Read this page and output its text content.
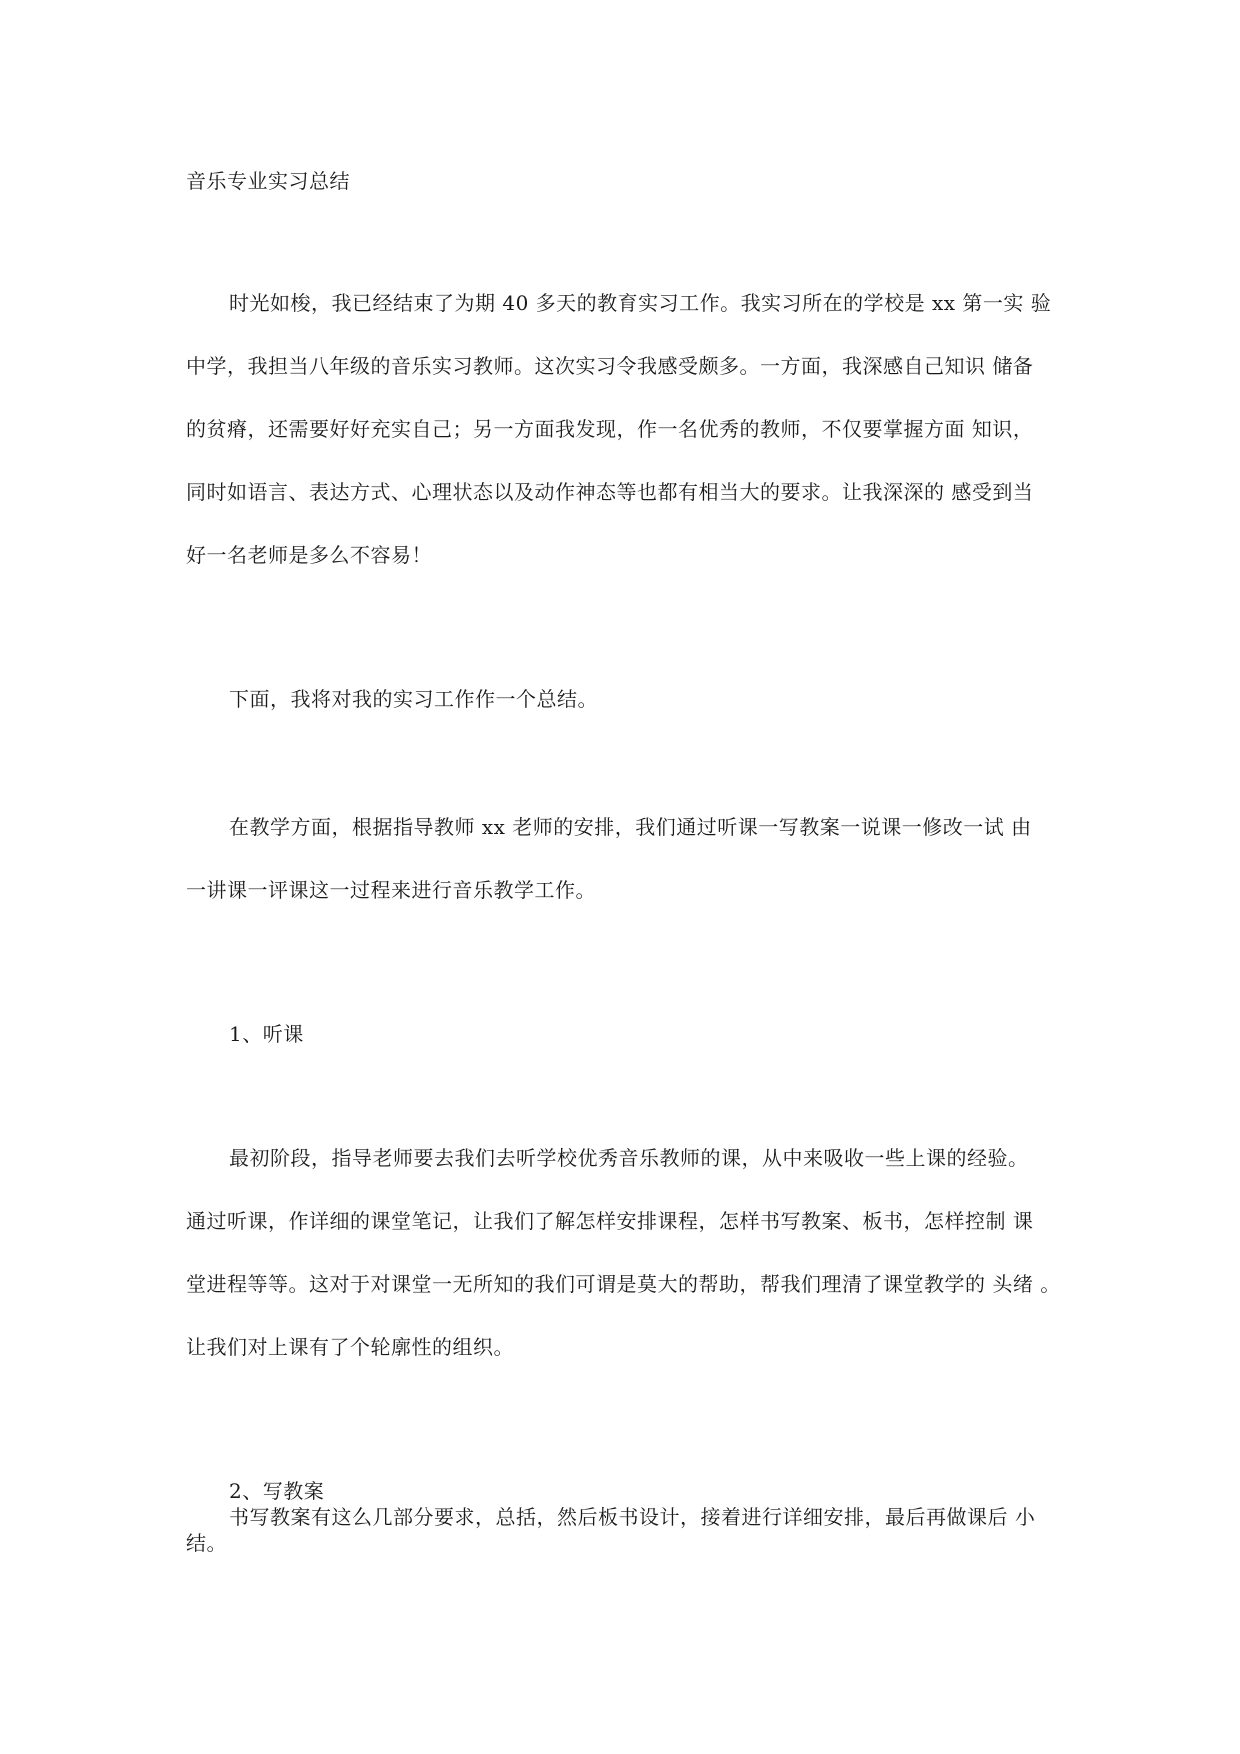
音乐专业实习总结
时光如梭，我已经结束了为期 40 多天的教育实习工作。我实习所在的学校是 xx 第一实 验
中学，我担当八年级的音乐实习教师。这次实习令我感受颇多。一方面，我深感自己知识 储备
的贫瘠，还需要好好充实自己；另一方面我发现，作一名优秀的教师，不仅要掌握方面 知识，
同时如语言、表达方式、心理状态以及动作神态等也都有相当大的要求。让我深深的 感受到当
好一名老师是多么不容易！
下面，我将对我的实习工作作一个总结。
在教学方面，根据指导教师 xx 老师的安排，我们通过听课一写教案一说课一修改一试 由
一讲课一评课这一过程来进行音乐教学工作。
1、听课
最初阶段，指导老师要去我们去听学校优秀音乐教师的课，从中来吸收一些上课的经验。
通过听课，作详细的课堂笔记，让我们了解怎样安排课程，怎样书写教案、板书，怎样控制 课
堂进程等等。这对于对课堂一无所知的我们可谓是莫大的帮助，帮我们理清了课堂教学的 头绪 。
让我们对上课有了个轮廓性的组织。
2、写教案
书写教案有这么几部分要求，总括，然后板书设计，接着进行详细安排，最后再做课后 小
结。
